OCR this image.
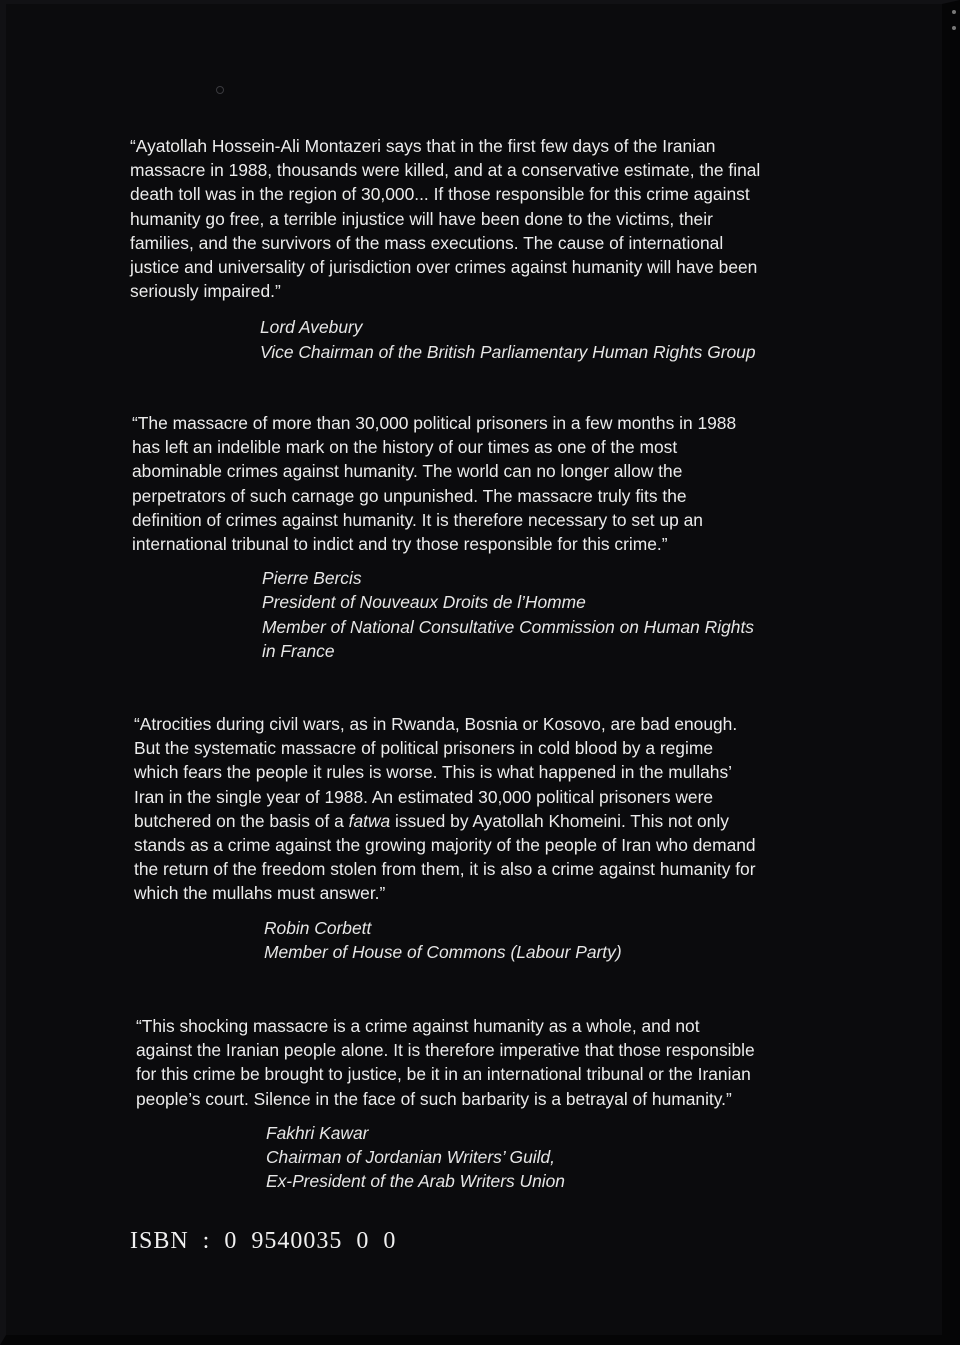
“Ayatollah Hossein-Ali Montazeri says that in the first few days of the Iranian
massacre in 1988, thousands were killed, and at a conservative estimate, the final
death toll was in the region of 30,000... If those responsible for this crime against
humanity go free, a terrible injustice will have been done to the victims, their
families, and the survivors of the mass executions. The cause of international
justice and universality of jurisdiction over crimes against humanity will have been
seriously impaired.”

Lord Avebury
Vice Chairman of the British Parliamentary Human Rights Group

“The massacre of more than 30,000 political prisoners in a few months in 1988
has left an indelible mark on the history of our times as one of the most
abominable crimes against humanity. The world can no longer allow the
perpetrators of such carnage go unpunished. The massacre truly fits the
definition of crimes against humanity. It is therefore necessary to set up an
international tribunal to indict and try those responsible for this crime.”

Pierre Bercis
President of Nouveaux Droits de l’Homme
Member of National Consultative Commission on Human Rights
in France

“Atrocities during civil wars, as in Rwanda, Bosnia or Kosovo, are bad enough.
But the systematic massacre of political prisoners in cold blood by a regime
which fears the people it rules is worse. This is what happened in the mullahs’
Iran in the single year of 1988. An estimated 30,000 political prisoners were
butchered on the basis of a fatwa issued by Ayatollah Khomeini. This not only
stands as a crime against the growing majority of the people of Iran who demand
the return of the freedom stolen from them, it is also a crime against humanity for
which the mullahs must answer.”

Robin Corbett
Member of House of Commons (Labour Party)

“This shocking massacre is a crime against humanity as a whole, and not
against the Iranian people alone. It is therefore imperative that those responsible
for this crime be brought to justice, be it in an international tribunal or the Iranian
people’s court. Silence in the face of such barbarity is a betrayal of humanity.”

Fakhri Kawar
Chairman of Jordanian Writers’ Guild,
Ex-President of the Arab Writers Union
ISBN  :  0  9540035  0  0
